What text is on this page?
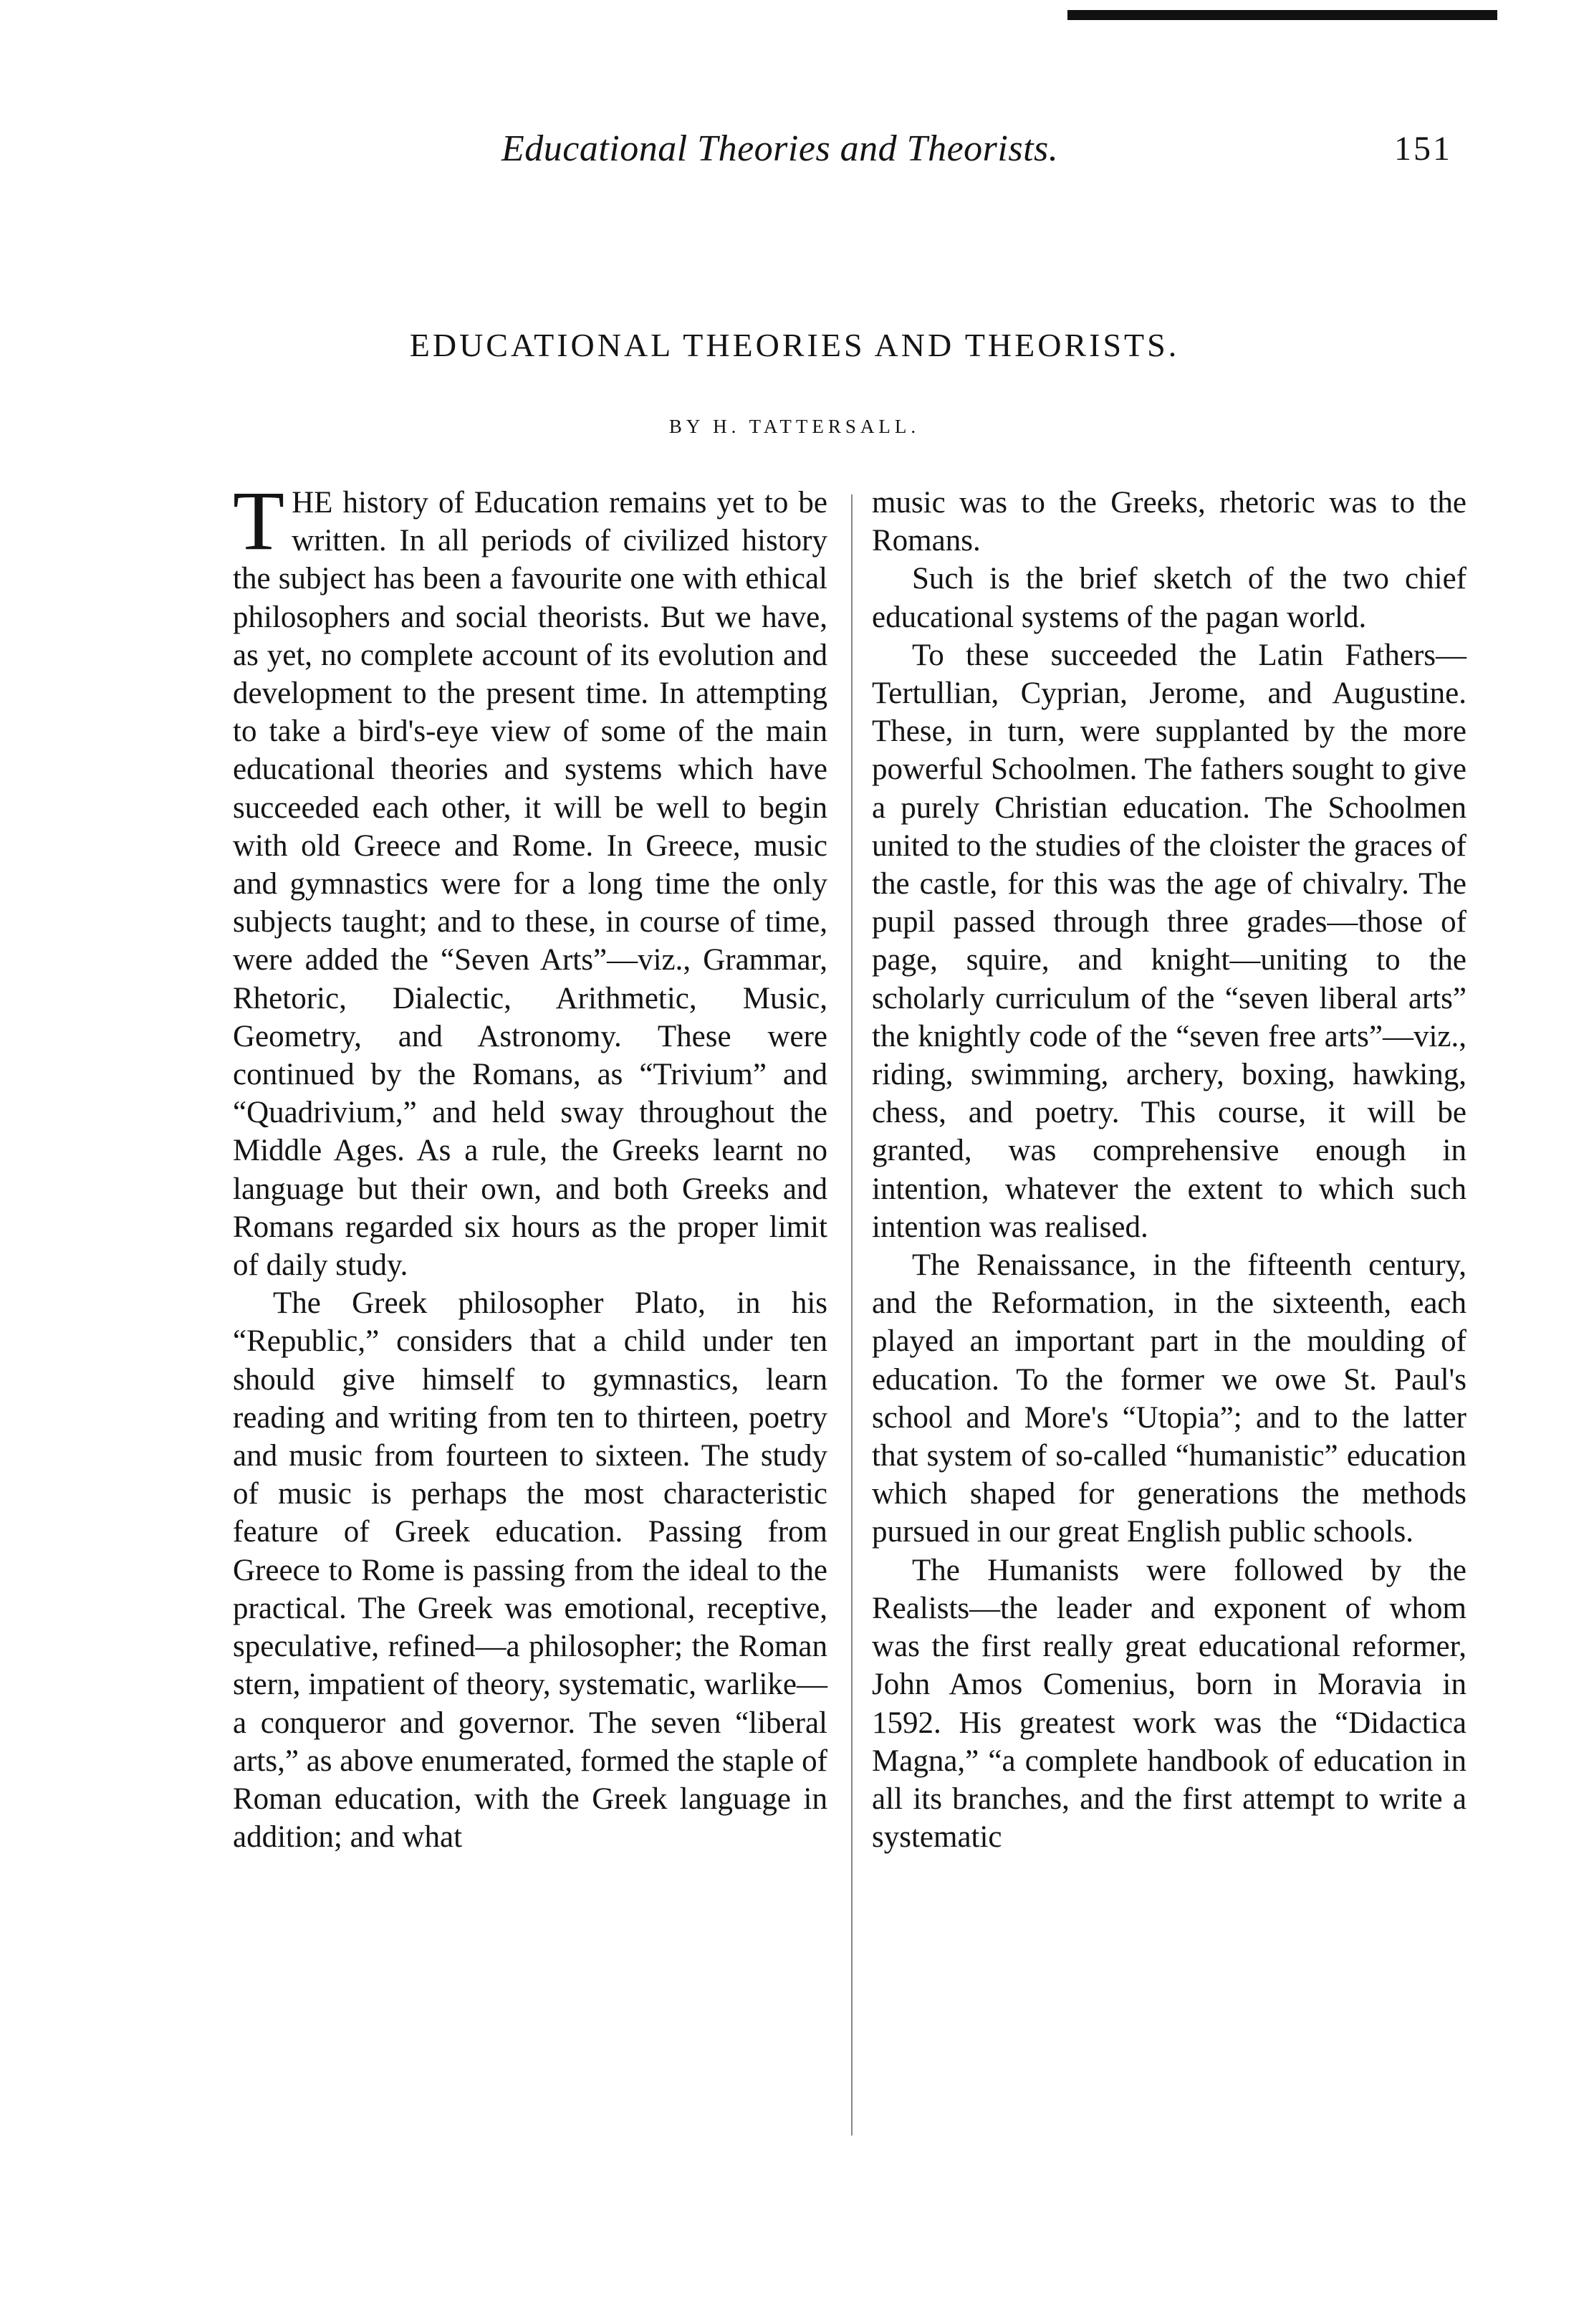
Educational Theories and Theorists.	151
EDUCATIONAL THEORIES AND THEORISTS.
BY H. TATTERSALL.

THE history of Education remains yet to be written. In all periods of civilized history the subject has been a favourite one with ethical philosophers and social theorists. But we have, as yet, no complete account of its evolution and development to the present time. In attempting to take a bird's-eye view of some of the main educational theories and systems which have succeeded each other, it will be well to begin with old Greece and Rome. In Greece, music and gymnastics were for a long time the only subjects taught; and to these, in course of time, were added the “Seven Arts”—viz., Grammar, Rhetoric, Dialectic, Arithmetic, Music, Geometry, and Astronomy. These were continued by the Romans, as “Trivium” and “Quadrivium,” and held sway throughout the Middle Ages. As a rule, the Greeks learnt no language but their own, and both Greeks and Romans regarded six hours as the proper limit of daily study.

The Greek philosopher Plato, in his “Republic,” considers that a child under ten should give himself to gymnastics, learn reading and writing from ten to thirteen, poetry and music from fourteen to sixteen. The study of music is perhaps the most characteristic feature of Greek education. Passing from Greece to Rome is passing from the ideal to the practical. The Greek was emotional, receptive, speculative, refined—a philosopher; the Roman stern, impatient of theory, systematic, warlike—a conqueror and governor. The seven “liberal arts,” as above enumerated, formed the staple of Roman education, with the Greek language in addition; and what

music was to the Greeks, rhetoric was to the Romans.

Such is the brief sketch of the two chief educational systems of the pagan world.

To these succeeded the Latin Fathers—Tertullian, Cyprian, Jerome, and Augustine. These, in turn, were supplanted by the more powerful Schoolmen. The fathers sought to give a purely Christian education. The Schoolmen united to the studies of the cloister the graces of the castle, for this was the age of chivalry. The pupil passed through three grades—those of page, squire, and knight—uniting to the scholarly curriculum of the “seven liberal arts” the knightly code of the “seven free arts”—viz., riding, swimming, archery, boxing, hawking, chess, and poetry. This course, it will be granted, was comprehensive enough in intention, whatever the extent to which such intention was realised.

The Renaissance, in the fifteenth century, and the Reformation, in the sixteenth, each played an important part in the moulding of education. To the former we owe St. Paul's school and More's “Utopia”; and to the latter that system of so-called “humanistic” education which shaped for generations the methods pursued in our great English public schools.

The Humanists were followed by the Realists—the leader and exponent of whom was the first really great educational reformer, John Amos Comenius, born in Moravia in 1592. His greatest work was the “Didactica Magna,” “a complete handbook of education in all its branches, and the first attempt to write a systematic
